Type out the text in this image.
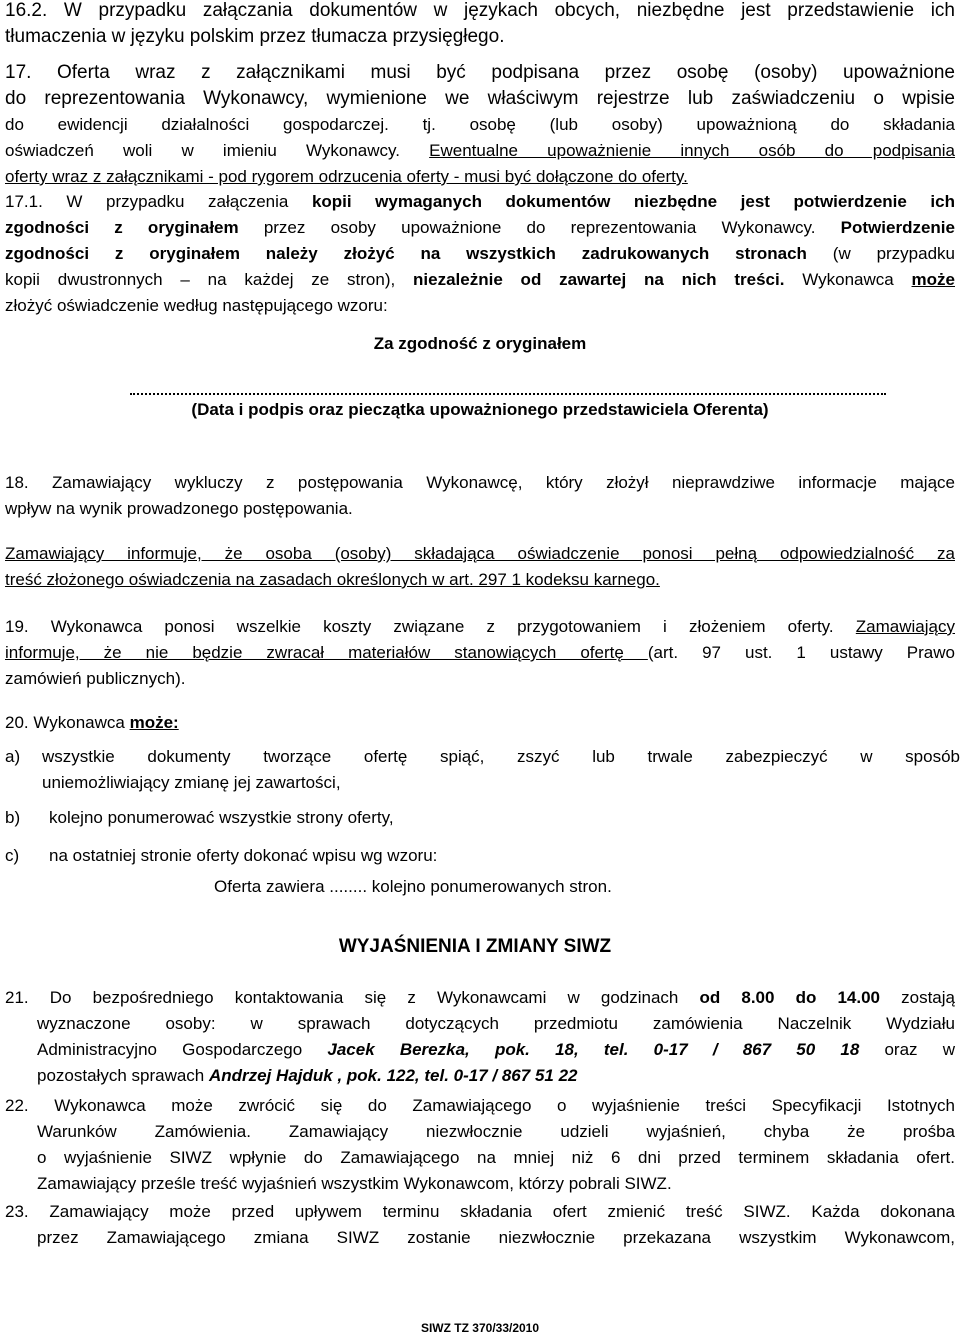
16.2. W przypadku załączania dokumentów w językach obcych, niezbędne jest przedstawienie ich
tłumaczenia w języku polskim przez tłumacza przysięgłego.
17. Oferta wraz z załącznikami musi być podpisana przez osobę (osoby) upoważnione
do reprezentowania Wykonawcy, wymienione we właściwym rejestrze lub zaświadczeniu o wpisie
do ewidencji działalności gospodarczej. tj. osobę (lub osoby) upoważnioną do składania
oświadczeń woli w imieniu Wykonawcy. Ewentualne upoważnienie innych osób do podpisania
oferty wraz z załącznikami - pod rygorem odrzucenia oferty - musi być dołączone do oferty.
17.1. W przypadku załączenia kopii wymaganych dokumentów niezbędne jest potwierdzenie ich
zgodności z oryginałem przez osoby upoważnione do reprezentowania Wykonawcy. Potwierdzenie
zgodności z oryginałem należy złożyć na wszystkich zadrukowanych stronach (w przypadku
kopii dwustronnych – na każdej ze stron), niezależnie od zawartej na nich treści. Wykonawca może
złożyć oświadczenie według następującego wzoru:
Za zgodność z oryginałem
(Data i podpis oraz pieczątka upoważnionego przedstawiciela Oferenta)
18. Zamawiający wykluczy z postępowania Wykonawcę, który złożył nieprawdziwe informacje mające
wpływ na wynik prowadzonego postępowania.
Zamawiający informuje, że osoba (osoby) składająca oświadczenie ponosi pełną odpowiedzialność za
treść złożonego oświadczenia na zasadach określonych w art. 297 1 kodeksu karnego.
19. Wykonawca ponosi wszelkie koszty związane z przygotowaniem i złożeniem oferty. Zamawiający
informuje, że nie będzie zwracał materiałów stanowiących ofertę (art. 97 ust. 1 ustawy Prawo
zamówień publicznych).
20. Wykonawca może:
a) wszystkie dokumenty tworzące ofertę spiąć, zszyć lub trwale zabezpieczyć w sposób
uniemożliwiający zmianę jej zawartości,
b) kolejno ponumerować wszystkie strony oferty,
c) na ostatniej stronie oferty dokonać wpisu wg wzoru:
Oferta zawiera ........ kolejno ponumerowanych stron.
WYJAŚNIENIA I ZMIANY SIWZ
21. Do bezpośredniego kontaktowania się z Wykonawcami w godzinach od 8.00 do 14.00 zostają
wyznaczone osoby: w sprawach dotyczących przedmiotu zamówienia Naczelnik Wydziału
Administracyjno Gospodarczego Jacek Berezka, pok. 18, tel. 0-17 / 867 50 18 oraz w
pozostałych sprawach Andrzej Hajduk , pok. 122, tel. 0-17 / 867 51 22
22. Wykonawca może zwrócić się do Zamawiającego o wyjaśnienie treści Specyfikacji Istotnych
Warunków Zamówienia. Zamawiający niezwłocznie udzieli wyjaśnień, chyba że prośba
o wyjaśnienie SIWZ wpłynie do Zamawiającego na mniej niż 6 dni przed terminem składania ofert.
Zamawiający prześle treść wyjaśnień wszystkim Wykonawcom, którzy pobrali SIWZ.
23. Zamawiający może przed upływem terminu składania ofert zmienić treść SIWZ. Każda dokonana
przez Zamawiającego zmiana SIWZ zostanie niezwłocznie przekazana wszystkim Wykonawcom,
SIWZ TZ 370/33/2010
